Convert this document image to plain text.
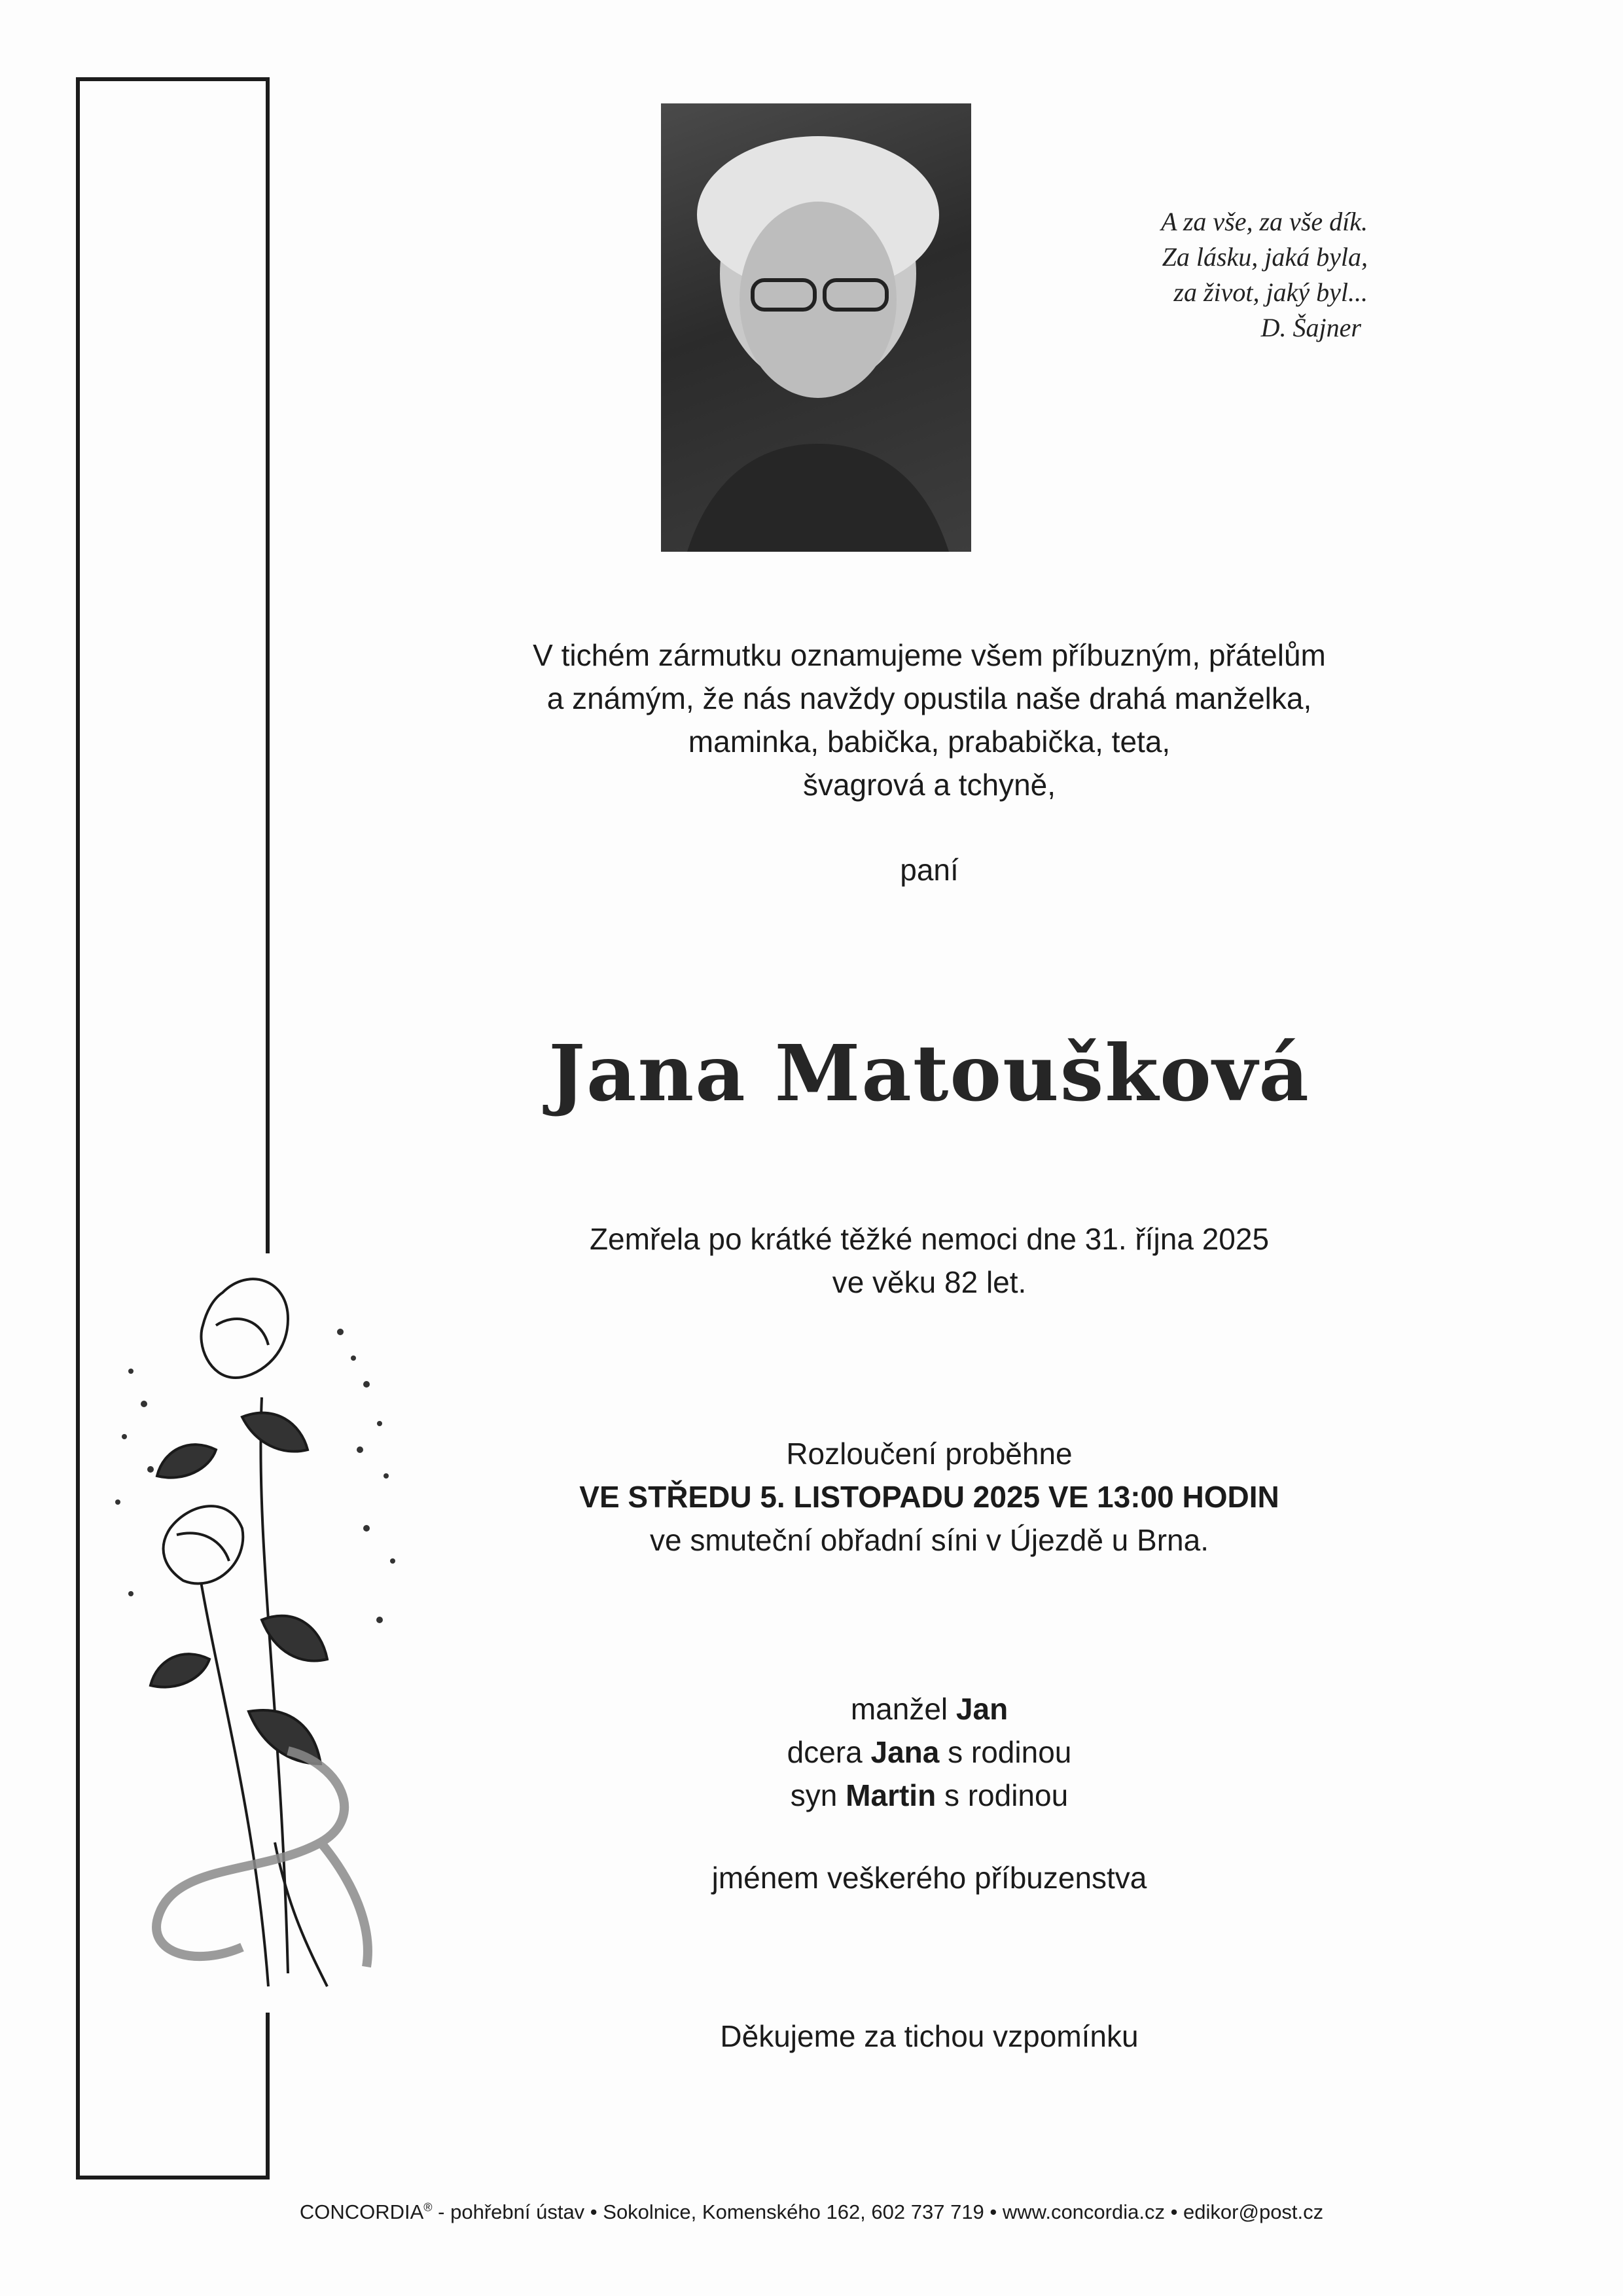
A za vše, za vše dík.
Za lásku, jaká byla,
za život, jaký byl...
D. Šajner
V tichém zármutku oznamujeme všem příbuzným, přátelům
a známým, že nás navždy opustila naše drahá manželka,
maminka, babička, prababička, teta,
švagrová a tchyně,
paní
Jana Matoušková
Zemřela po krátké těžké nemoci dne 31. října 2025
ve věku 82 let.
Rozloučení proběhne
VE STŘEDU 5. LISTOPADU 2025 VE 13:00 HODIN
ve smuteční obřadní síni v Újezdě u Brna.
manžel Jan
dcera Jana s rodinou
syn Martin s rodinou
jménem veškerého příbuzenstva
Děkujeme za tichou vzpomínku
CONCORDIA® - pohřební ústav • Sokolnice, Komenského 162, 602 737 719 • www.concordia.cz • edikor@post.cz
